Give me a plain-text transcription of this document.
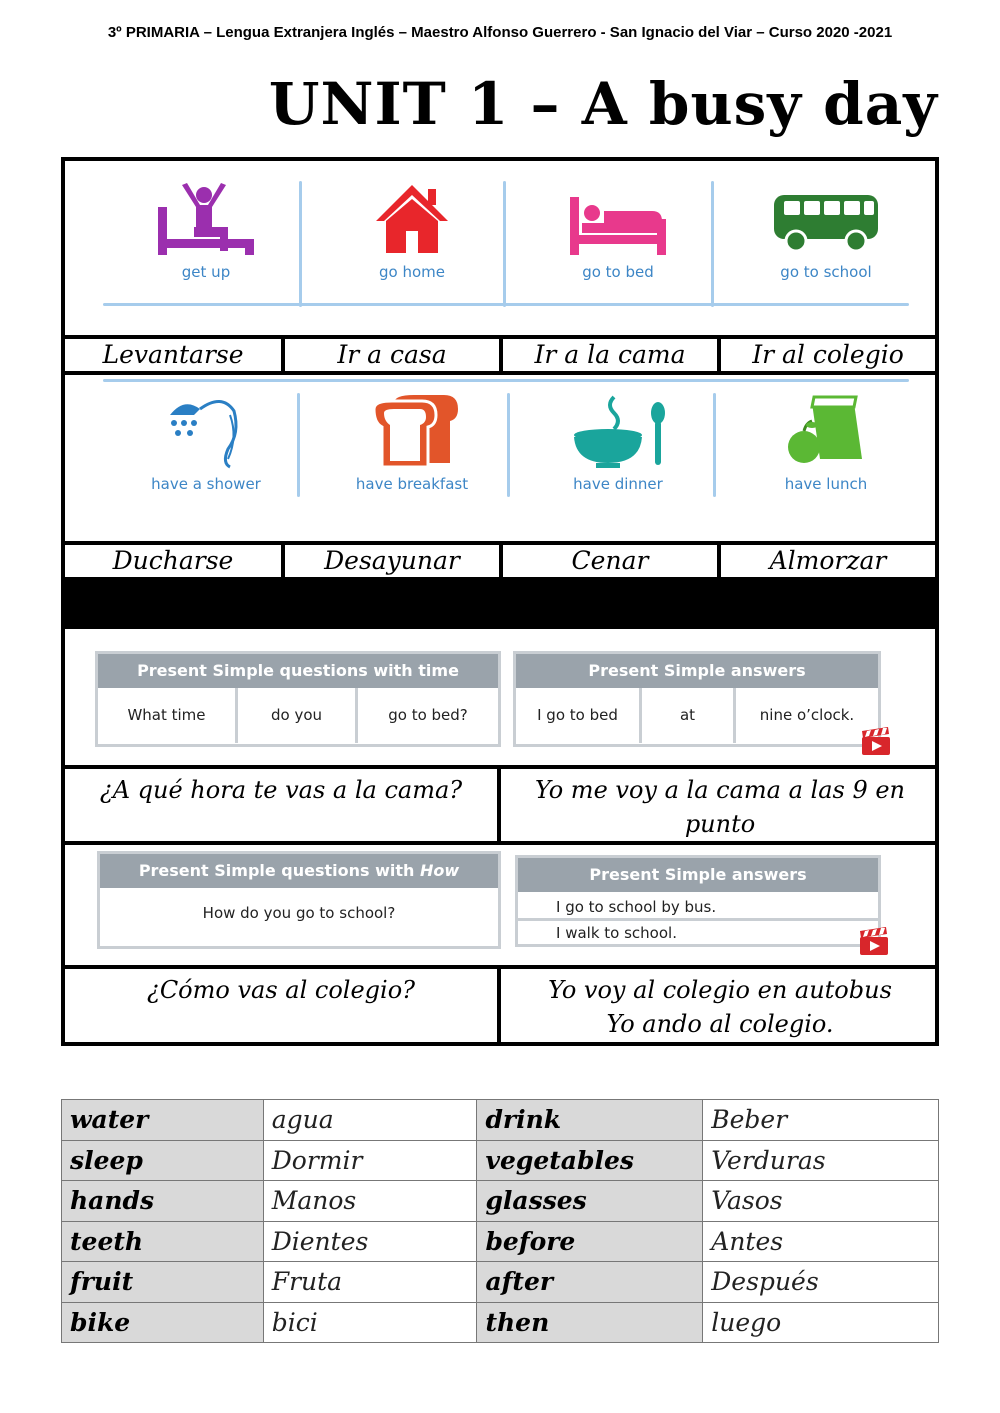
3º PRIMARIA – Lengua Extranjera Inglés – Maestro Alfonso Guerrero - San Ignacio del Viar – Curso 2020 -2021
UNIT 1 – A busy day
get up	go home	go to bed	go to school
Levantarse	Ir a casa	Ir a la cama	Ir al colegio
have a shower	have breakfast	have dinner	have lunch
Ducharse	Desayunar	Cenar	Almorzar
Present Simple questions with time
What time	do you	go to bed?
Present Simple answers
I go to bed	at	nine o’clock.
¿A qué hora te vas a la cama?	Yo me voy a la cama a las 9 en punto
Present Simple questions with How
How do you go to school?
Present Simple answers
I go to school by bus.
I walk to school.
¿Cómo vas al colegio?	Yo voy al colegio en autobus
Yo ando al colegio.
water	agua	drink	Beber
sleep	Dormir	vegetables	Verduras
hands	Manos	glasses	Vasos
teeth	Dientes	before	Antes
fruit	Fruta	after	Después
bike	bici	then	luego
